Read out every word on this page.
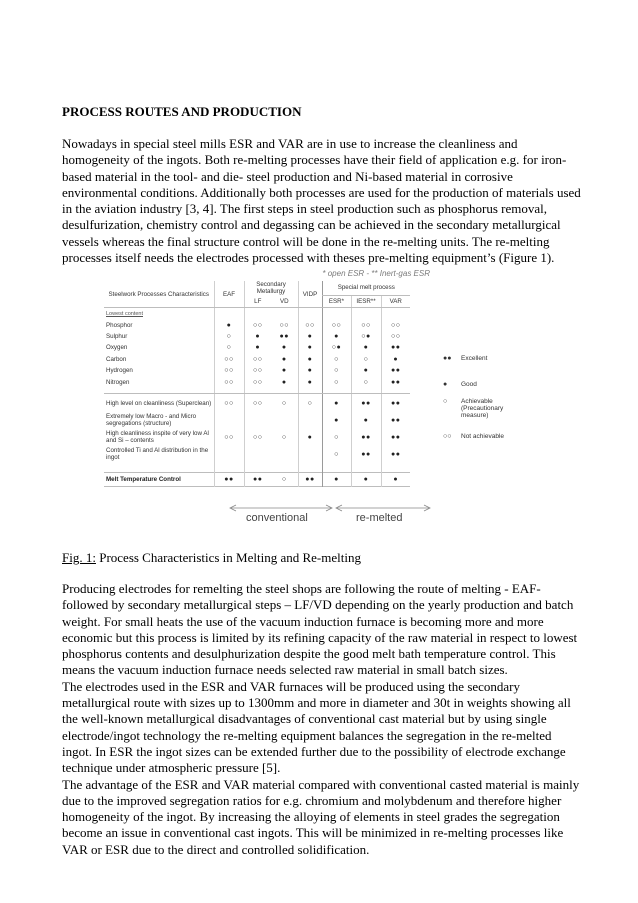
PROCESS ROUTES AND PRODUCTION
Nowadays in special steel mills ESR and VAR are in use to increase the cleanliness and homogeneity of the ingots. Both re-melting processes have their field of application e.g. for iron-based material in the tool- and die- steel production and Ni-based material in corrosive environmental conditions. Additionally both processes are used for the production of materials used in the aviation industry [3, 4]. The first steps in steel production such as phosphorus removal, desulfurization, chemistry control and degassing can be achieved in the secondary metallurgical vessels whereas the final structure control will be done in the re-melting units. The re-melting processes itself needs the electrodes processed with theses pre-melting equipment’s (Figure 1).
* open ESR - ** Inert-gas ESR
Steelwork Processes Characteristics	EAF	Secondary Metallurgy		VIDP	Special melt process		
		LF	VD		ESR*	IESR**	VAR
Lowest content							
Phosphor	●	○○	○○	○○	○○	○○	○○
Sulphur	○	●	●●	●	●	○●	○○
Oxygen	○	●	●	●	○●	●	●●
Carbon	○○	○○	●	●	○	○	●
Hydrogen	○○	○○	●	●	○	●	●●
Nitrogen	○○	○○	●	●	○	○	●●

High level on cleanliness (Superclean)	○○	○○	○	○	●	●●	●●
Extremely low Macro - and Micro segregations (structure)					●	●	●●
High cleanliness inspite of very low Al and Si – contents	○○	○○	○	●	○	●●	●●
Controlled Ti and Al distribution in the ingot					○	●●	●●

Melt Temperature Control	●●	●●	○	●●	●	●	●
●● Excellent
● Good
○ Achievable (Precautionary measure)
○○ Not achievable
conventional	re-melted
Fig. 1: Process Characteristics in Melting and Re-melting
Producing electrodes for remelting the steel shops are following the route of melting - EAF-followed by secondary metallurgical steps – LF/VD depending on the yearly production and batch weight. For small heats the use of the vacuum induction furnace is becoming more and more economic but this process is limited by its refining capacity of the raw material in respect to lowest phosphorus contents and desulphurization despite the good melt bath temperature control. This means the vacuum induction furnace needs selected raw material in small batch sizes.
The electrodes used in the ESR and VAR furnaces will be produced using the secondary metallurgical route with sizes up to 1300mm and more in diameter and 30t in weights showing all the well-known metallurgical disadvantages of conventional cast material but by using single electrode/ingot technology the re-melting equipment balances the segregation in the re-melted ingot. In ESR the ingot sizes can be extended further due to the possibility of electrode exchange technique under atmospheric pressure [5].
The advantage of the ESR and VAR material compared with conventional casted material is mainly due to the improved segregation ratios for e.g. chromium and molybdenum and therefore higher homogeneity of the ingot. By increasing the alloying of elements in steel grades the segregation become an issue in conventional cast ingots. This will be minimized in re-melting processes like VAR or ESR due to the direct and controlled solidification.
